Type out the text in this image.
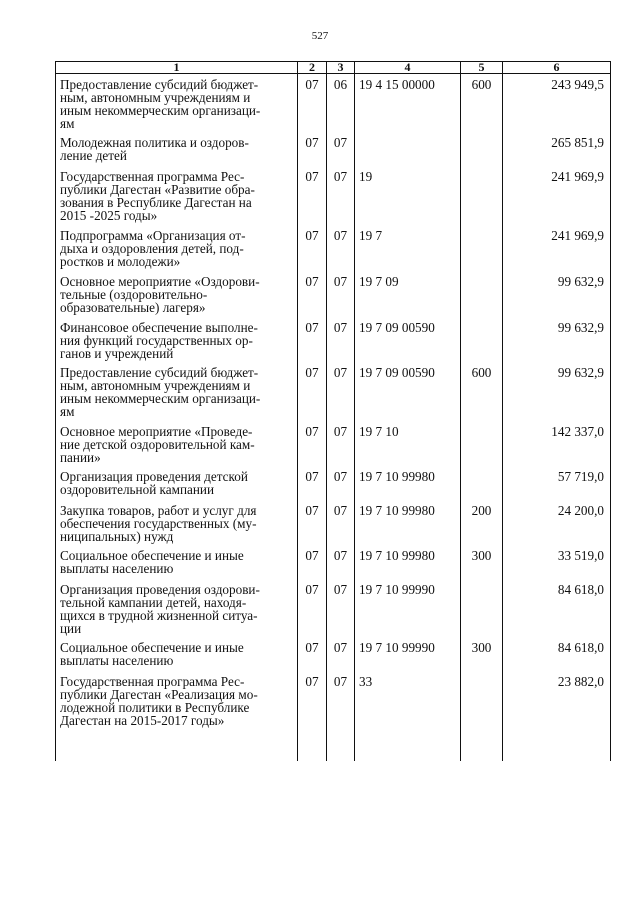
527
1	2	3	4	5	6
Предоставление субсидий бюджет-
ным, автономным учреждениям и
иным некоммерческим организаци-
ям	07	06	19 4 15 00000	600	243 949,5
Молодежная политика и оздоров-
ление детей	07	07			265 851,9
Государственная программа Рес-
публики Дагестан «Развитие обра-
зования в Республике Дагестан на
2015 -2025 годы»	07	07	19		241 969,9
Подпрограмма «Организация от-
дыха и оздоровления детей, под-
ростков и молодежи»	07	07	19 7		241 969,9
Основное мероприятие «Оздорови-
тельные (оздоровительно-
образовательные) лагеря»	07	07	19 7 09		99 632,9
Финансовое обеспечение выполне-
ния функций государственных ор-
ганов и учреждений	07	07	19 7 09 00590		99 632,9
Предоставление субсидий бюджет-
ным, автономным учреждениям и
иным некоммерческим организаци-
ям	07	07	19 7 09 00590	600	99 632,9
Основное мероприятие «Проведе-
ние детской оздоровительной кам-
пании»	07	07	19 7 10		142 337,0
Организация проведения детской
оздоровительной кампании	07	07	19 7 10 99980		57 719,0
Закупка товаров, работ и услуг для
обеспечения государственных (му-
ниципальных) нужд	07	07	19 7 10 99980	200	24 200,0
Социальное обеспечение и иные
выплаты населению	07	07	19 7 10 99980	300	33 519,0
Организация проведения оздорови-
тельной кампании детей, находя-
щихся в трудной жизненной ситуа-
ции	07	07	19 7 10 99990		84 618,0
Социальное обеспечение и иные
выплаты населению	07	07	19 7 10 99990	300	84 618,0
Государственная программа Рес-
публики Дагестан «Реализация мо-
лодежной политики в Республике
Дагестан на 2015-2017 годы»	07	07	33		23 882,0
